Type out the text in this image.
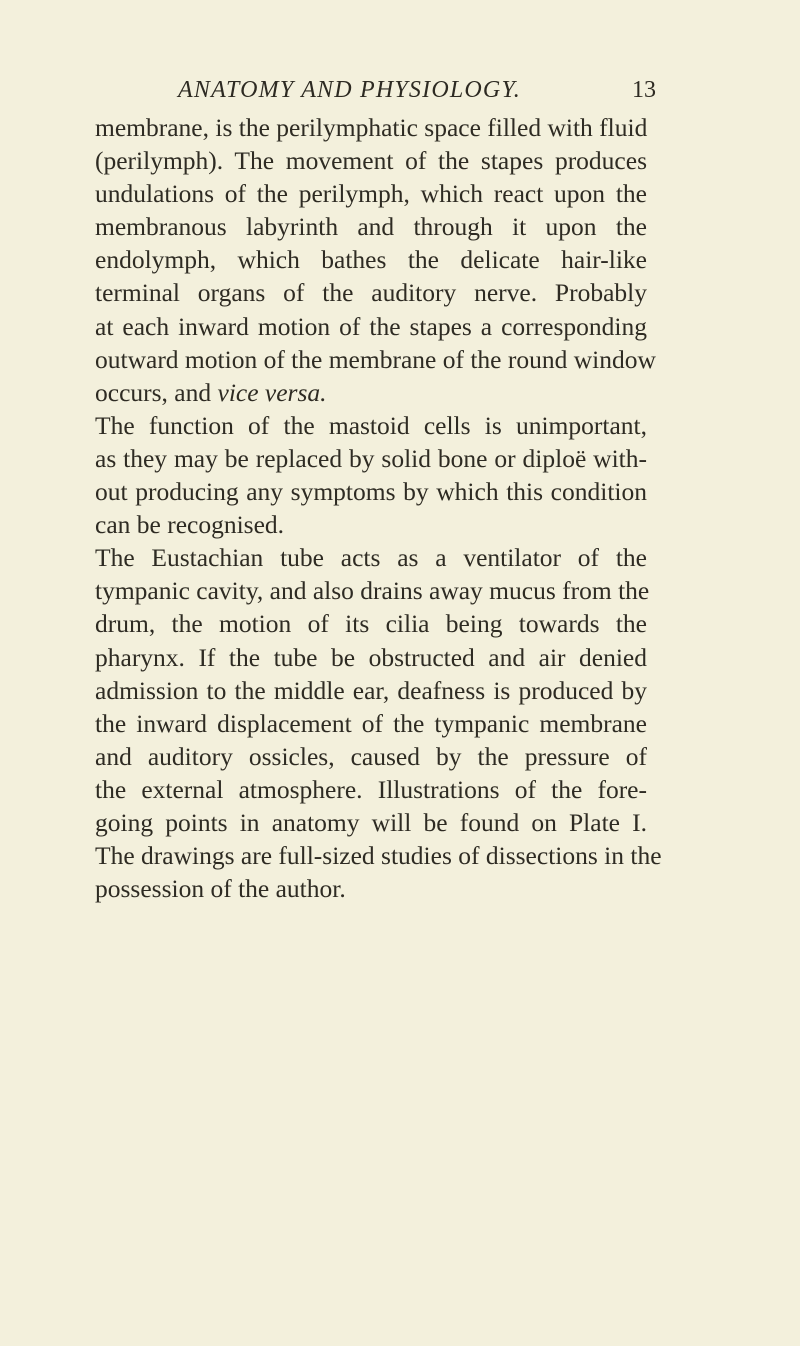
ANATOMY AND PHYSIOLOGY.	13
membrane, is the perilymphatic space filled with fluid
(perilymph). The movement of the stapes produces
undulations of the perilymph, which react upon the
membranous labyrinth and through it upon the
endolymph, which bathes the delicate hair-like
terminal organs of the auditory nerve. Probably
at each inward motion of the stapes a corresponding
outward motion of the membrane of the round window
occurs, and vice versa.
The function of the mastoid cells is unimportant,
as they may be replaced by solid bone or diploë with-
out producing any symptoms by which this condition
can be recognised.
The Eustachian tube acts as a ventilator of the
tympanic cavity, and also drains away mucus from the
drum, the motion of its cilia being towards the
pharynx. If the tube be obstructed and air denied
admission to the middle ear, deafness is produced by
the inward displacement of the tympanic membrane
and auditory ossicles, caused by the pressure of
the external atmosphere. Illustrations of the fore-
going points in anatomy will be found on Plate I.
The drawings are full-sized studies of dissections in the
possession of the author.
